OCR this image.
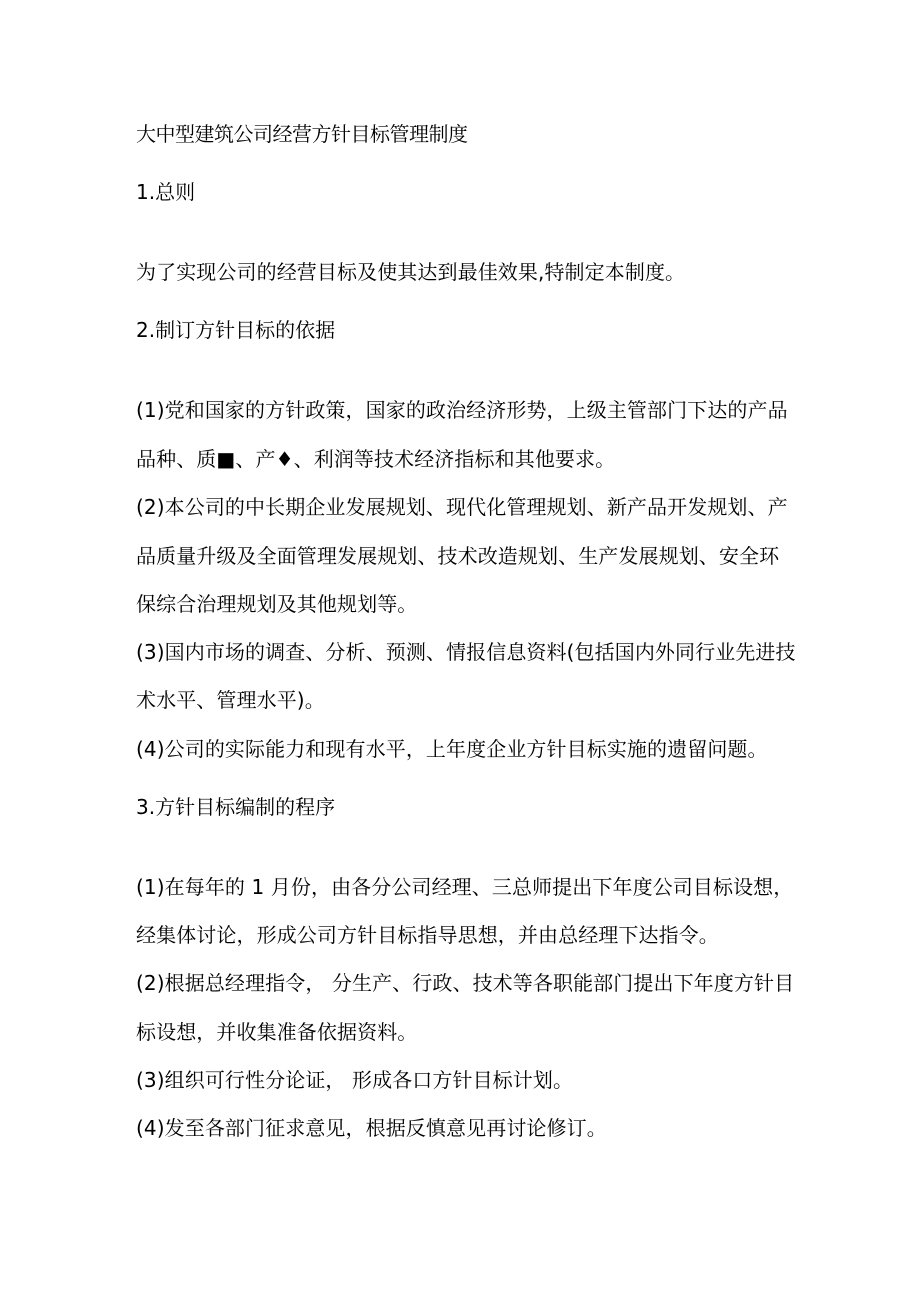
大中型建筑公司经营方针目标管理制度

1.总则

为了实现公司的经营目标及使其达到最佳效果,特制定本制度。

2.制订方针目标的依据

(1)党和国家的方针政策，国家的政治经济形势，上级主管部门下达的产品

品种、质■、产♦、利润等技术经济指标和其他要求。

(2)本公司的中长期企业发展规划、现代化管理规划、新产品开发规划、产

品质量升级及全面管理发展规划、技术改造规划、生产发展规划、安全环

保综合治理规划及其他规划等。

(3)国内市场的调查、分析、预测、情报信息资料(包括国内外同行业先进技

术水平、管理水平)。

(4)公司的实际能力和现有水平，上年度企业方针目标实施的遗留问题。

3.方针目标编制的程序

(1)在每年的 1 月份，由各分公司经理、三总师提出下年度公司目标设想，

经集体讨论，形成公司方针目标指导思想，并由总经理下达指令。

(2)根据总经理指令， 分生产、行政、技术等各职能部门提出下年度方针目

标设想，并收集准备依据资料。

(3)组织可行性分论证， 形成各口方针目标计划。

(4)发至各部门征求意见，根据反慎意见再讨论修订。
